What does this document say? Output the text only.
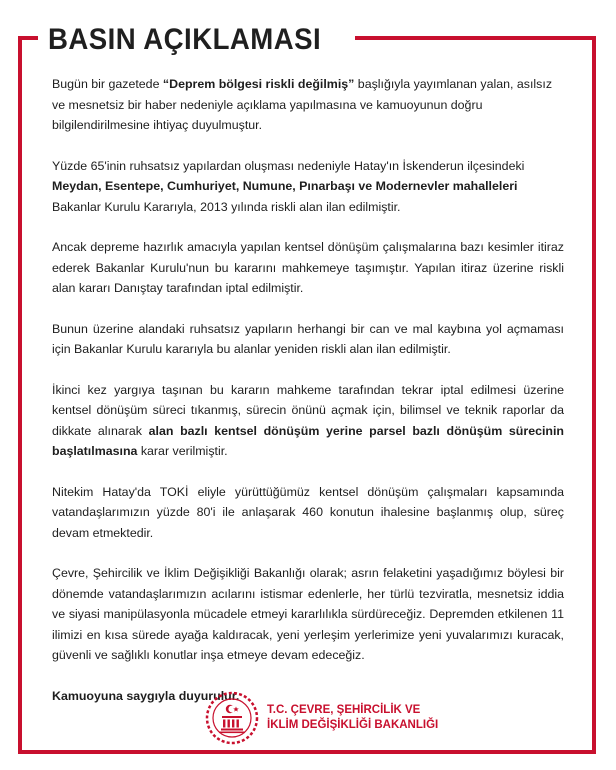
BASIN AÇIKLAMASI

Bugün bir gazetede “Deprem bölgesi riskli değilmiş” başlığıyla yayımlanan yalan, asılsız ve mesnetsiz bir haber nedeniyle açıklama yapılmasına ve kamuoyunun doğru bilgilendirilmesine ihtiyaç duyulmuştur.

Yüzde 65'inin ruhsatsız yapılardan oluşması nedeniyle Hatay'ın İskenderun ilçesindeki Meydan, Esentepe, Cumhuriyet, Numune, Pınarbaşı ve Modernevler mahalleleri Bakanlar Kurulu Kararıyla, 2013 yılında riskli alan ilan edilmiştir.

Ancak depreme hazırlık amacıyla yapılan kentsel dönüşüm çalışmalarına bazı kesimler itiraz ederek Bakanlar Kurulu'nun bu kararını mahkemeye taşımıştır. Yapılan itiraz üzerine riskli alan kararı Danıştay tarafından iptal edilmiştir.

Bunun üzerine alandaki ruhsatsız yapıların herhangi bir can ve mal kaybına yol açmaması için Bakanlar Kurulu kararıyla bu alanlar yeniden riskli alan ilan edilmiştir.

İkinci kez yargıya taşınan bu kararın mahkeme tarafından tekrar iptal edilmesi üzerine kentsel dönüşüm süreci tıkanmış, sürecin önünü açmak için, bilimsel ve teknik raporlar da dikkate alınarak alan bazlı kentsel dönüşüm yerine parsel bazlı dönüşüm sürecinin başlatılmasına karar verilmiştir.

Nitekim Hatay'da TOKİ eliyle yürüttüğümüz kentsel dönüşüm çalışmaları kapsamında vatandaşlarımızın yüzde 80'i ile anlaşarak 460 konutun ihalesine başlanmış olup, süreç devam etmektedir.

Çevre, Şehircilik ve İklim Değişikliği Bakanlığı olarak; asrın felaketini yaşadığımız böylesi bir dönemde vatandaşlarımızın acılarını istismar edenlerle, her türlü tezviratla, mesnetsiz iddia ve siyasi manipülasyonla mücadele etmeyi kararlılıkla sürdüreceğiz. Depremden etkilenen 11 ilimizi en kısa sürede ayağa kaldıracak, yeni yerleşim yerlerimize yeni yuvalarımızı kuracak, güvenli ve sağlıklı konutlar inşa etmeye devam edeceğiz.

Kamuoyuna saygıyla duyurulur.

T.C. ÇEVRE, ŞEHİRCİLİK VE
İKLİM DEĞİŞİKLİĞİ BAKANLIĞI
